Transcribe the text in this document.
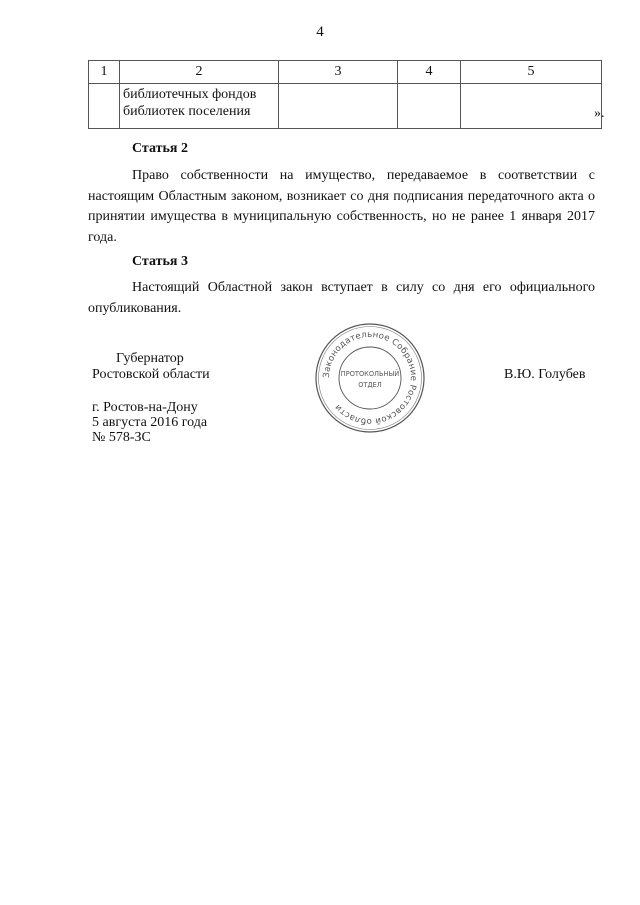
4
1	2	3	4	5
	библиотечных фондов библиотек поселения				».
Статья 2

Право собственности на имущество, передаваемое в соответствии с настоящим Областным законом, возникает со дня подписания передаточного акта о принятии имущества в муниципальную собственность, но не ранее 1 января 2017 года.

Статья 3

Настоящий Областной закон вступает в силу со дня его официального опубликования.

Губернатор
Ростовской области	В.Ю. Голубев
Законодательное Собрание Ростовской области
ПРОТОКОЛЬНЫЙ
ОТДЕЛ
г. Ростов-на-Дону
5 августа 2016 года
№ 578-ЗС
